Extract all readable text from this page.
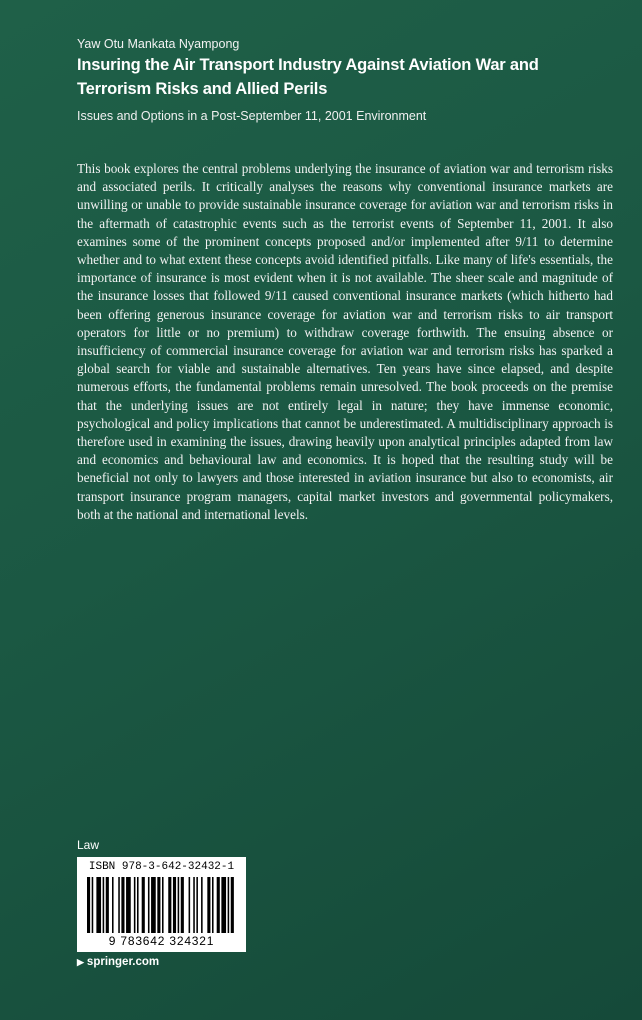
Yaw Otu Mankata Nyampong
Insuring the Air Transport Industry Against Aviation War and Terrorism Risks and Allied Perils
Issues and Options in a Post-September 11, 2001 Environment

This book explores the central problems underlying the insurance of aviation war and terrorism risks and associated perils. It critically analyses the reasons why conventional insurance markets are unwilling or unable to provide sustainable insurance coverage for aviation war and terrorism risks in the aftermath of catastrophic events such as the terrorist events of September 11, 2001. It also examines some of the prominent concepts proposed and/or implemented after 9/11 to determine whether and to what extent these concepts avoid identified pitfalls. Like many of life's essentials, the importance of insurance is most evident when it is not available. The sheer scale and magnitude of the insurance losses that followed 9/11 caused conventional insurance markets (which hitherto had been offering generous insurance coverage for aviation war and terrorism risks to air transport operators for little or no premium) to withdraw coverage forthwith. The ensuing absence or insufficiency of commercial insurance coverage for aviation war and terrorism risks has sparked a global search for viable and sustainable alternatives. Ten years have since elapsed, and despite numerous efforts, the fundamental problems remain unresolved. The book proceeds on the premise that the underlying issues are not entirely legal in nature; they have immense economic, psychological and policy implications that cannot be underestimated. A multidisciplinary approach is therefore used in examining the issues, drawing heavily upon analytical principles adapted from law and economics and behavioural law and economics. It is hoped that the resulting study will be beneficial not only to lawyers and those interested in aviation insurance but also to economists, air transport insurance program managers, capital market investors and governmental policymakers, both at the national and international levels.

Law
ISBN 978-3-642-32432-1
9 783642 324321
▶ springer.com
